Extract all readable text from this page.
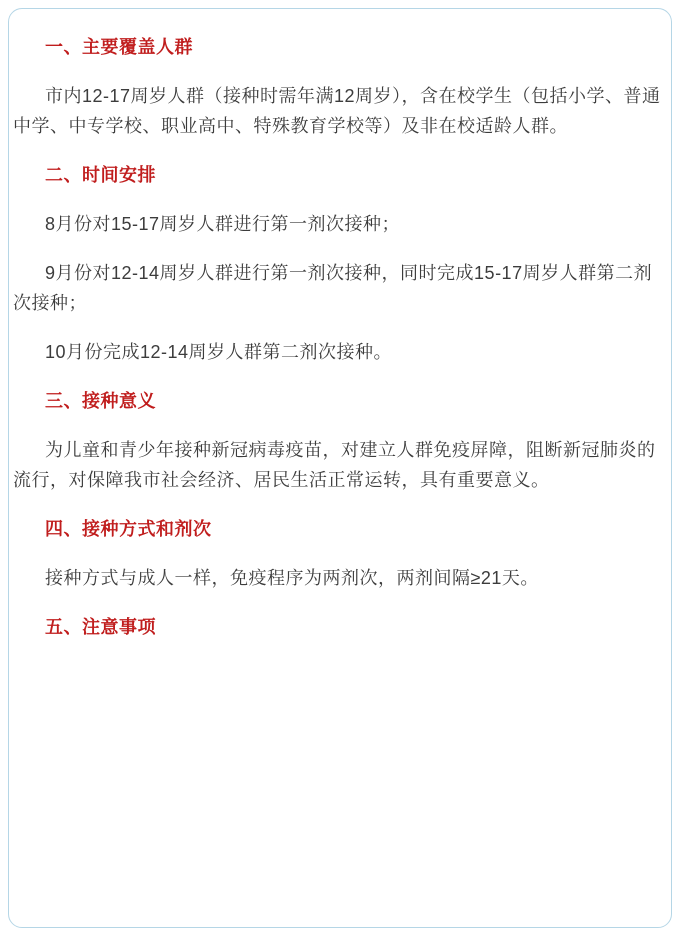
一、主要覆盖人群

市内12-17周岁人群（接种时需年满12周岁），含在校学生（包括小学、普通中学、中专学校、职业高中、特殊教育学校等）及非在校适龄人群。

二、时间安排

8月份对15-17周岁人群进行第一剂次接种；

9月份对12-14周岁人群进行第一剂次接种，同时完成15-17周岁人群第二剂次接种；

10月份完成12-14周岁人群第二剂次接种。

三、接种意义

为儿童和青少年接种新冠病毒疫苗，对建立人群免疫屏障，阻断新冠肺炎的流行，对保障我市社会经济、居民生活正常运转，具有重要意义。

四、接种方式和剂次

接种方式与成人一样，免疫程序为两剂次，两剂间隔≥21天。

五、注意事项
